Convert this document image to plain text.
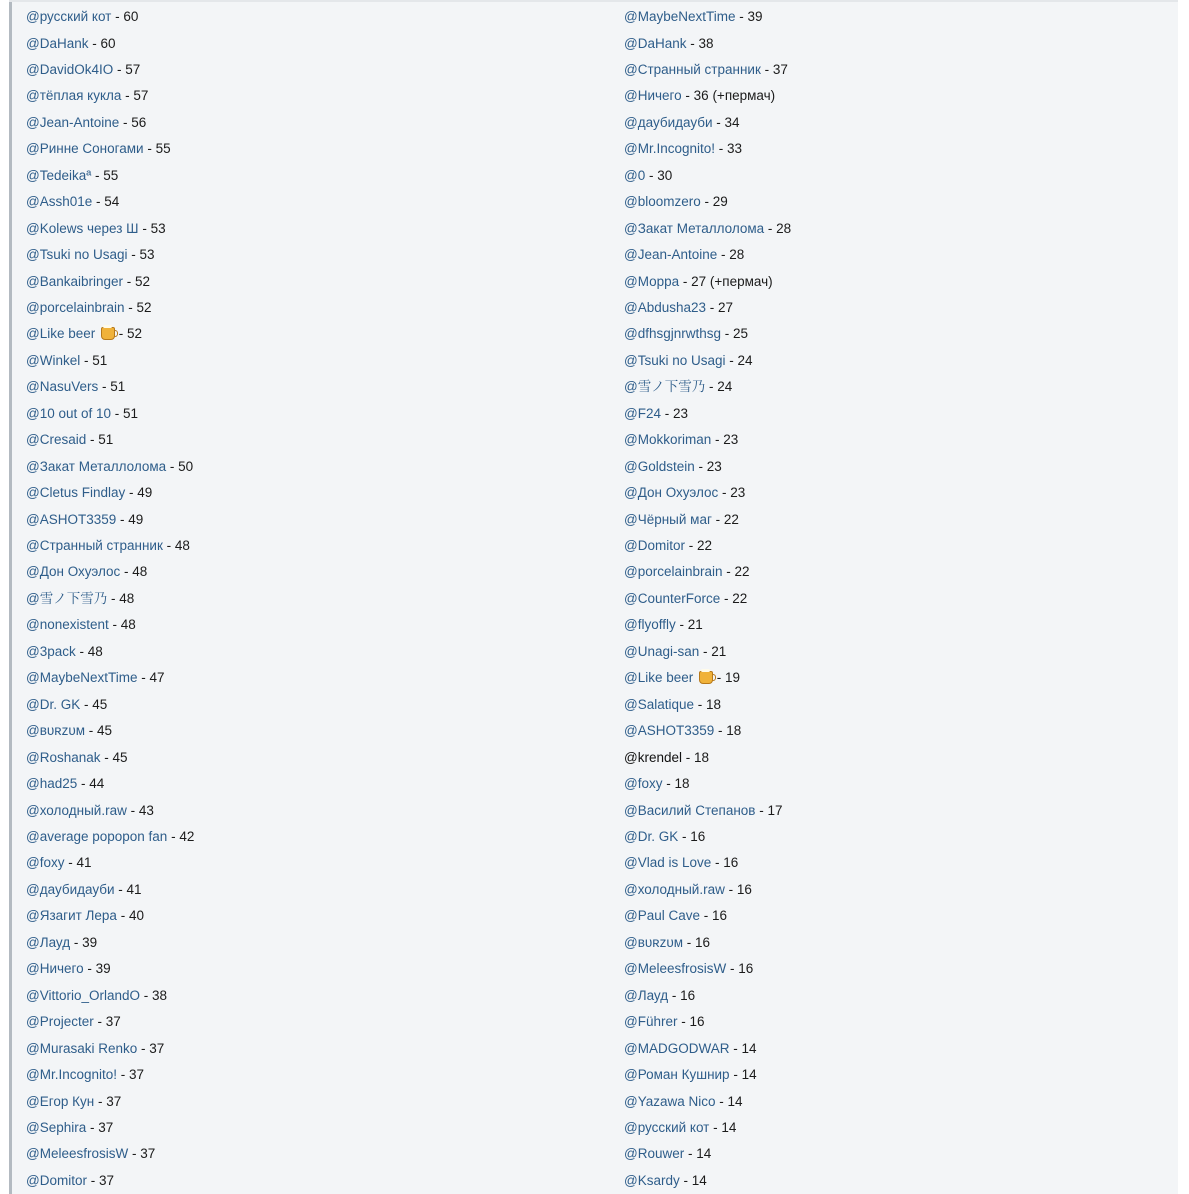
@русский кот - 60
@DaHank - 60
@DavidOk4IO - 57
@тёплая кукла - 57
@Jean-Antoine - 56
@Ринне Соногами - 55
@Tedeikaª - 55
@Assh01e - 54
@Kolews через Ш - 53
@Tsuki no Usagi - 53
@Bankaibringer - 52
@porcelainbrain - 52
@Like beer  - 52
@Winkel - 51
@NasuVers - 51
@10 out of 10 - 51
@Cresaid - 51
@Закат Металлолома - 50
@Cletus Findlay - 49
@ASHOT3359 - 49
@Странный странник - 48
@Дон Охуэлос - 48
@雪ノ下雪乃 - 48
@nonexistent - 48
@3pack - 48
@MaybeNextTime - 47
@Dr. GK - 45
@ʙᴜʀᴢᴜᴍ - 45
@Roshanak - 45
@had25 - 44
@холодный.raw - 43
@average popopon fan - 42
@foxy - 41
@даубидауби - 41
@Язагит Лера - 40
@Лауд - 39
@Ничего - 39
@Vittorio_OrlandO - 38
@Projecter - 37
@Murasaki Renko - 37
@Mr.Incognito! - 37
@Егор Кун - 37
@Sephira - 37
@MeleesfrosisW - 37
@Domitor - 37
@MaybeNextTime - 39
@DaHank - 38
@Странный странник - 37
@Ничего - 36 (+пермач)
@даубидауби - 34
@Mr.Incognito! - 33
@0 - 30
@bloomzero - 29
@Закат Металлолома - 28
@Jean-Antoine - 28
@Морра - 27 (+пермач)
@Abdusha23 - 27
@dfhsgjnrwthsg - 25
@Tsuki no Usagi - 24
@雪ノ下雪乃 - 24
@F24 - 23
@Mokkoriman - 23
@Goldstein - 23
@Дон Охуэлос - 23
@Чёрный маг - 22
@Domitor - 22
@porcelainbrain - 22
@CounterForce - 22
@flyoffly - 21
@Unagi-san - 21
@Like beer  - 19
@Salatique - 18
@ASHOT3359 - 18
@krendel - 18
@foxy - 18
@Василий Степанов - 17
@Dr. GK - 16
@Vlad is Love - 16
@холодный.raw - 16
@Paul Cave - 16
@ʙᴜʀᴢᴜᴍ - 16
@MeleesfrosisW - 16
@Лауд - 16
@Führer - 16
@MADGODWAR - 14
@Роман Кушнир - 14
@Yazawa Nico - 14
@русский кот - 14
@Rouwer - 14
@Ksardy - 14
